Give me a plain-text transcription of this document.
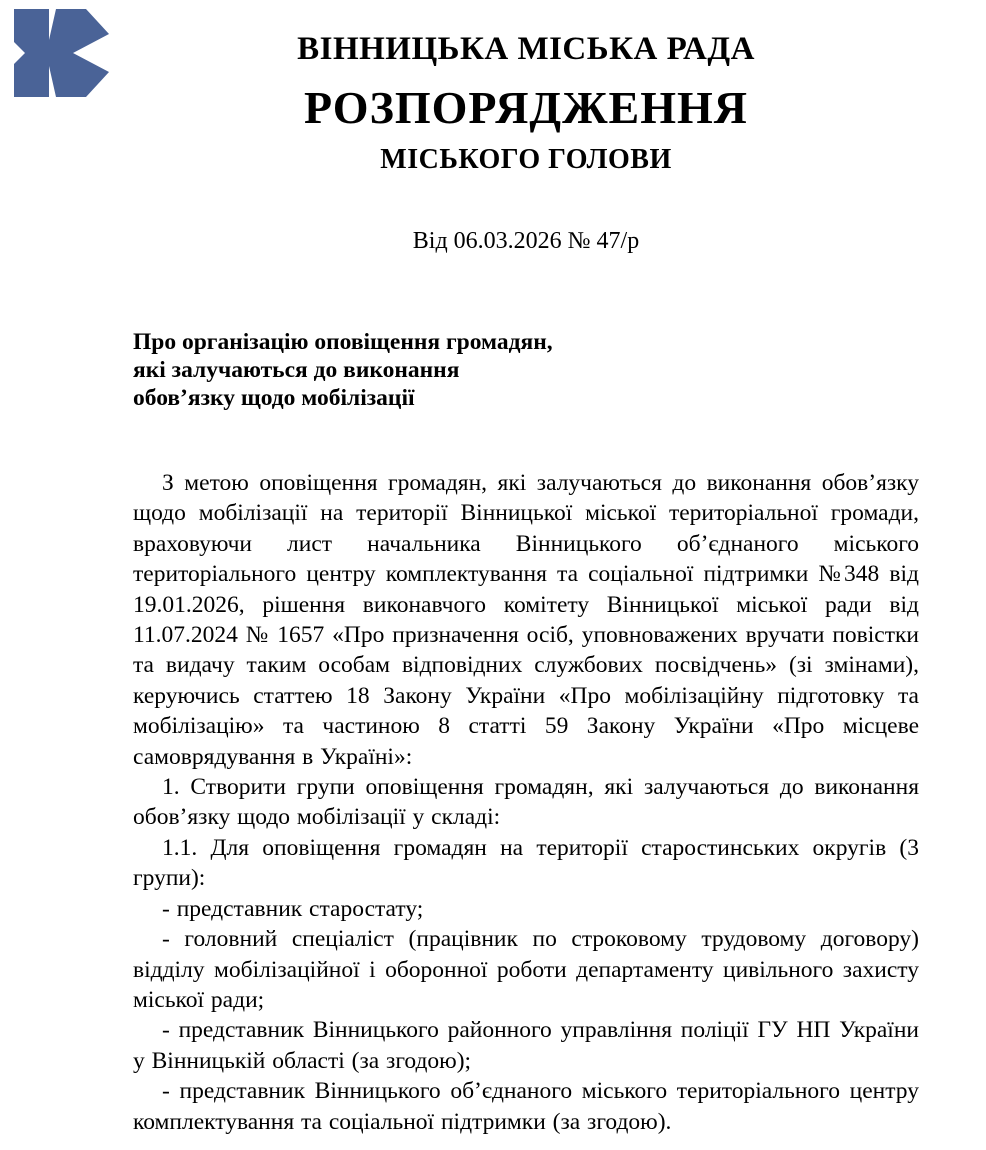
ВІННИЦЬКА МІСЬКА РАДА
РОЗПОРЯДЖЕННЯ
МІСЬКОГО ГОЛОВИ
Від 06.03.2026 № 47/р
Про організацію оповіщення громадян,
які залучаються до виконання
обов’язку щодо мобілізації

З метою оповіщення громадян, які залучаються до виконання обов’язку щодо мобілізації на території Вінницької міської територіальної громади, враховуючи лист начальника Вінницького об’єднаного міського територіального центру комплектування та соціальної підтримки №348 від 19.01.2026, рішення виконавчого комітету Вінницької міської ради від 11.07.2024 № 1657 «Про призначення осіб, уповноважених вручати повістки та видачу таким особам відповідних службових посвідчень» (зі змінами), керуючись статтею 18 Закону України «Про мобілізаційну підготовку та мобілізацію» та частиною 8 статті 59 Закону України «Про місцеве самоврядування в Україні»:

1. Створити групи оповіщення громадян, які залучаються до виконання обов’язку щодо мобілізації у складі:

1.1. Для оповіщення громадян на території старостинських округів (3 групи):

- представник старостату;

- головний спеціаліст (працівник по строковому трудовому договору) відділу мобілізаційної і оборонної роботи департаменту цивільного захисту міської ради;

- представник Вінницького районного управління поліції ГУ НП України у Вінницькій області (за згодою);

- представник Вінницького об’єднаного міського територіального центру комплектування та соціальної підтримки (за згодою).
